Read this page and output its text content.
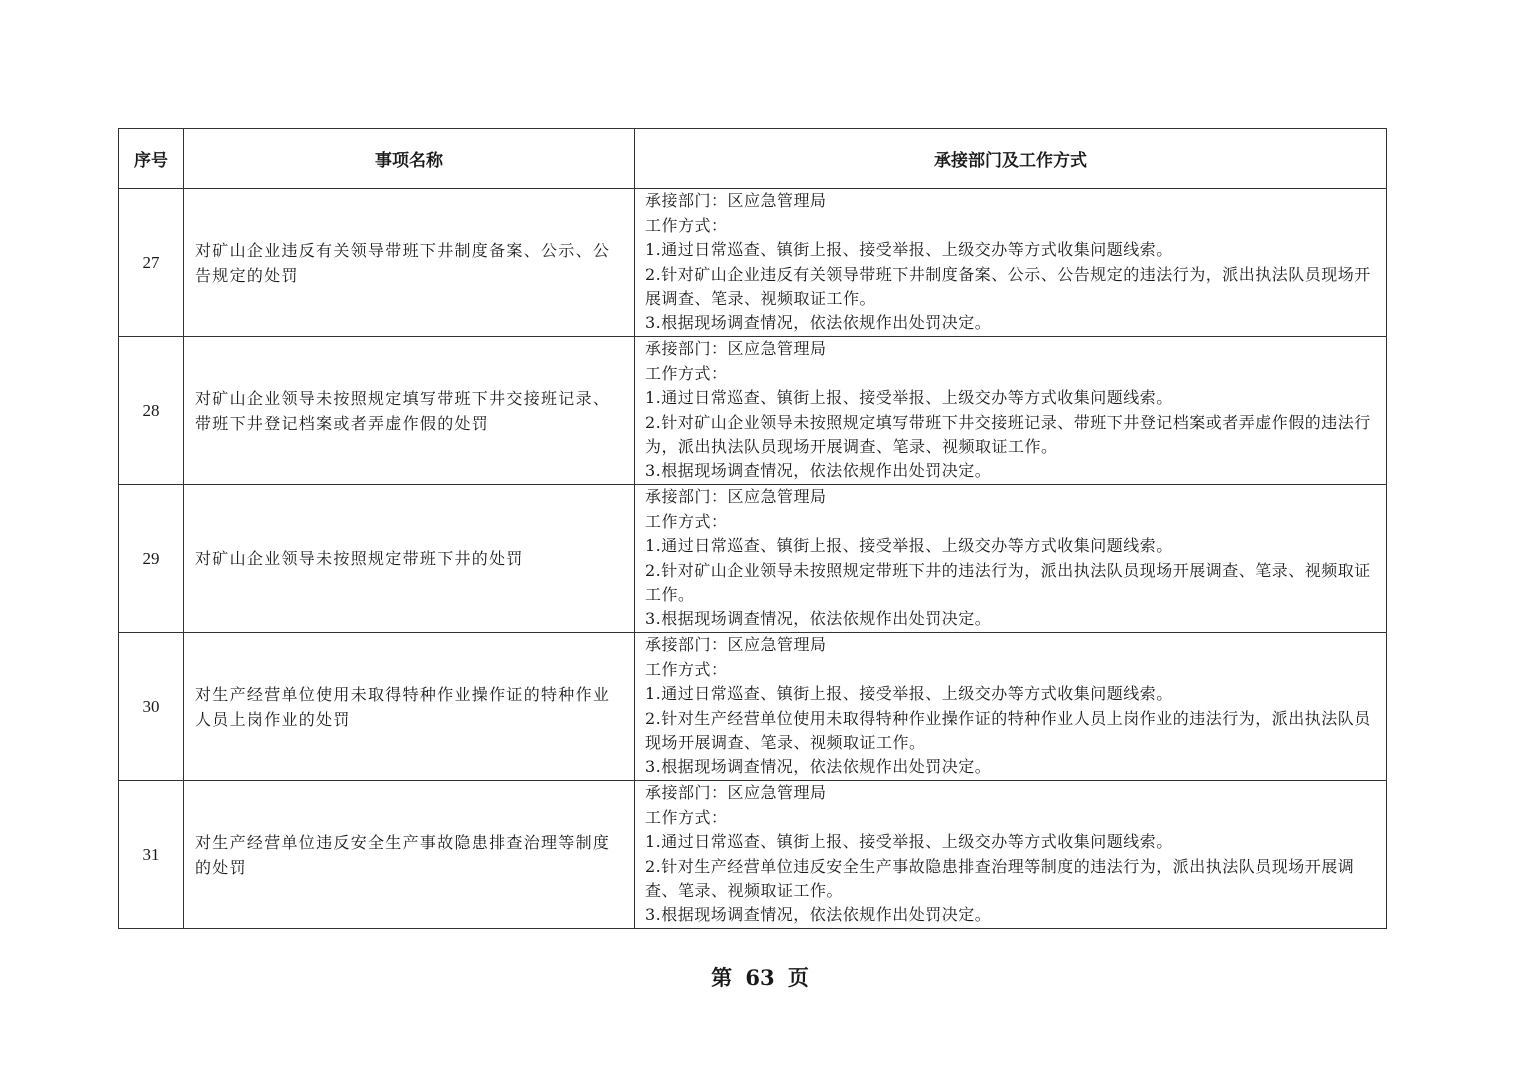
序号	事项名称	承接部门及工作方式
27	对矿山企业违反有关领导带班下井制度备案、公示、公告规定的处罚	承接部门：区应急管理局
工作方式：
1.通过日常巡查、镇街上报、接受举报、上级交办等方式收集问题线索。
2.针对矿山企业违反有关领导带班下井制度备案、公示、公告规定的违法行为，派出执法队员现场开展调查、笔录、视频取证工作。
3.根据现场调查情况，依法依规作出处罚决定。

28	对矿山企业领导未按照规定填写带班下井交接班记录、带班下井登记档案或者弄虚作假的处罚	承接部门：区应急管理局
工作方式：
1.通过日常巡查、镇街上报、接受举报、上级交办等方式收集问题线索。
2.针对矿山企业领导未按照规定填写带班下井交接班记录、带班下井登记档案或者弄虚作假的违法行为，派出执法队员现场开展调查、笔录、视频取证工作。
3.根据现场调查情况，依法依规作出处罚决定。

29	对矿山企业领导未按照规定带班下井的处罚	承接部门：区应急管理局
工作方式：
1.通过日常巡查、镇街上报、接受举报、上级交办等方式收集问题线索。
2.针对矿山企业领导未按照规定带班下井的违法行为，派出执法队员现场开展调查、笔录、视频取证工作。
3.根据现场调查情况，依法依规作出处罚决定。

30	对生产经营单位使用未取得特种作业操作证的特种作业人员上岗作业的处罚	承接部门：区应急管理局
工作方式：
1.通过日常巡查、镇街上报、接受举报、上级交办等方式收集问题线索。
2.针对生产经营单位使用未取得特种作业操作证的特种作业人员上岗作业的违法行为，派出执法队员现场开展调查、笔录、视频取证工作。
3.根据现场调查情况，依法依规作出处罚决定。

31	对生产经营单位违反安全生产事故隐患排查治理等制度的处罚	承接部门：区应急管理局
工作方式：
1.通过日常巡查、镇街上报、接受举报、上级交办等方式收集问题线索。
2.针对生产经营单位违反安全生产事故隐患排查治理等制度的违法行为，派出执法队员现场开展调查、笔录、视频取证工作。
3.根据现场调查情况，依法依规作出处罚决定。
第 63 页
